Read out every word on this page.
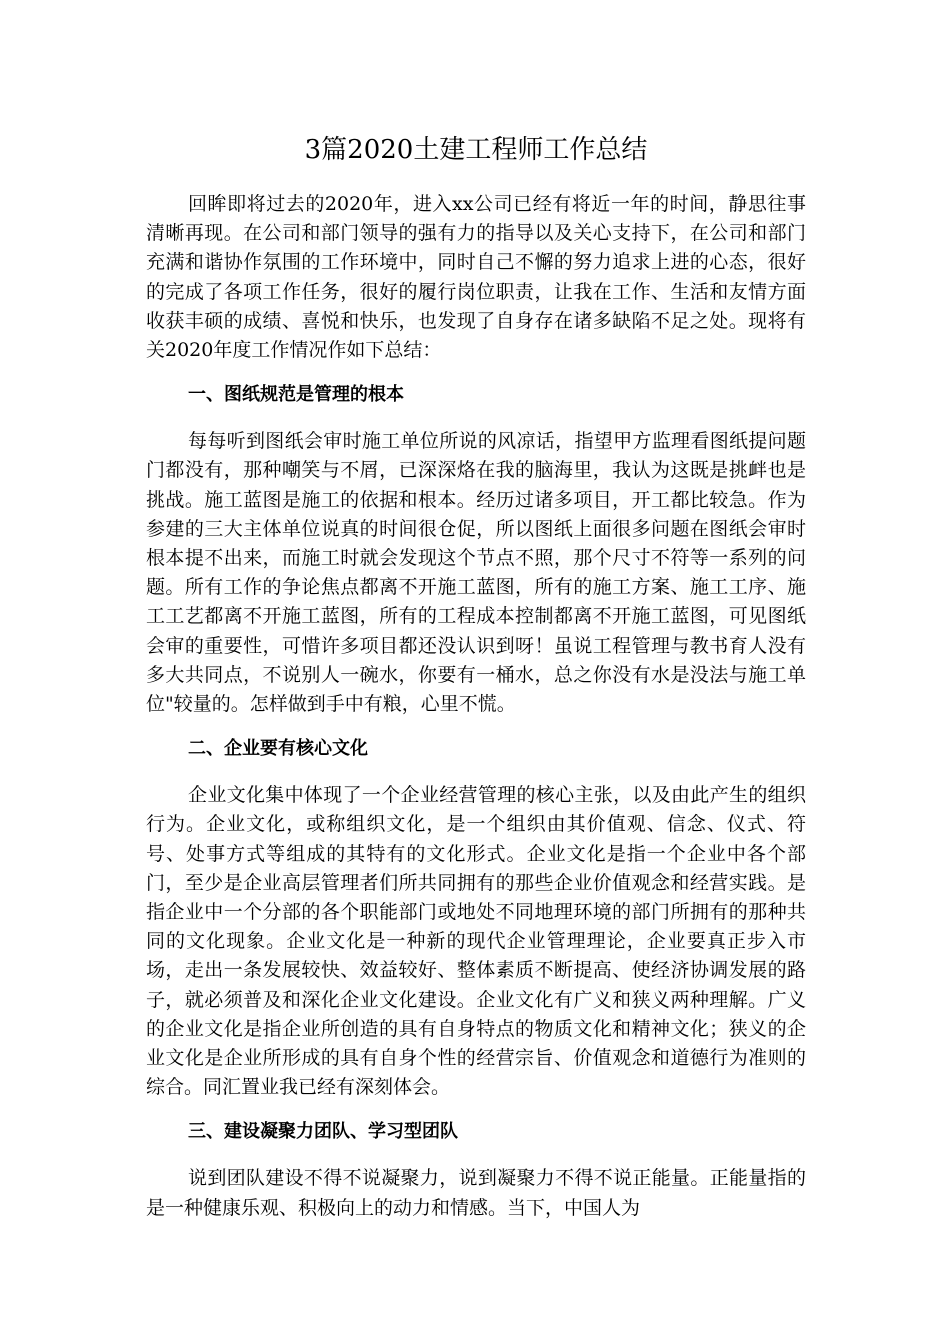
3篇2020土建工程师工作总结

回眸即将过去的2020年，进入xx公司已经有将近一年的时间，静思往事清晰再现。在公司和部门领导的强有力的指导以及关心支持下，在公司和部门充满和谐协作氛围的工作环境中，同时自己不懈的努力追求上进的心态，很好的完成了各项工作任务，很好的履行岗位职责，让我在工作、生活和友情方面收获丰硕的成绩、喜悦和快乐，也发现了自身存在诸多缺陷不足之处。现将有关2020年度工作情况作如下总结：

一、图纸规范是管理的根本

每每听到图纸会审时施工单位所说的风凉话，指望甲方监理看图纸提问题门都没有，那种嘲笑与不屑，已深深烙在我的脑海里，我认为这既是挑衅也是挑战。施工蓝图是施工的依据和根本。经历过诸多项目，开工都比较急。作为参建的三大主体单位说真的时间很仓促，所以图纸上面很多问题在图纸会审时根本提不出来，而施工时就会发现这个节点不照，那个尺寸不符等一系列的问题。所有工作的争论焦点都离不开施工蓝图，所有的施工方案、施工工序、施工工艺都离不开施工蓝图，所有的工程成本控制都离不开施工蓝图，可见图纸会审的重要性，可惜许多项目都还没认识到呀！虽说工程管理与教书育人没有多大共同点，不说别人一碗水，你要有一桶水，总之你没有水是没法与施工单位"较量的。怎样做到手中有粮，心里不慌。

二、企业要有核心文化

企业文化集中体现了一个企业经营管理的核心主张，以及由此产生的组织行为。企业文化，或称组织文化，是一个组织由其价值观、信念、仪式、符号、处事方式等组成的其特有的文化形式。企业文化是指一个企业中各个部门，至少是企业高层管理者们所共同拥有的那些企业价值观念和经营实践。是指企业中一个分部的各个职能部门或地处不同地理环境的部门所拥有的那种共同的文化现象。企业文化是一种新的现代企业管理理论，企业要真正步入市场，走出一条发展较快、效益较好、整体素质不断提高、使经济协调发展的路子，就必须普及和深化企业文化建设。企业文化有广义和狭义两种理解。广义的企业文化是指企业所创造的具有自身特点的物质文化和精神文化；狭义的企业文化是企业所形成的具有自身个性的经营宗旨、价值观念和道德行为准则的综合。同汇置业我已经有深刻体会。

三、建设凝聚力团队、学习型团队

说到团队建设不得不说凝聚力，说到凝聚力不得不说正能量。正能量指的是一种健康乐观、积极向上的动力和情感。当下，中国人为
